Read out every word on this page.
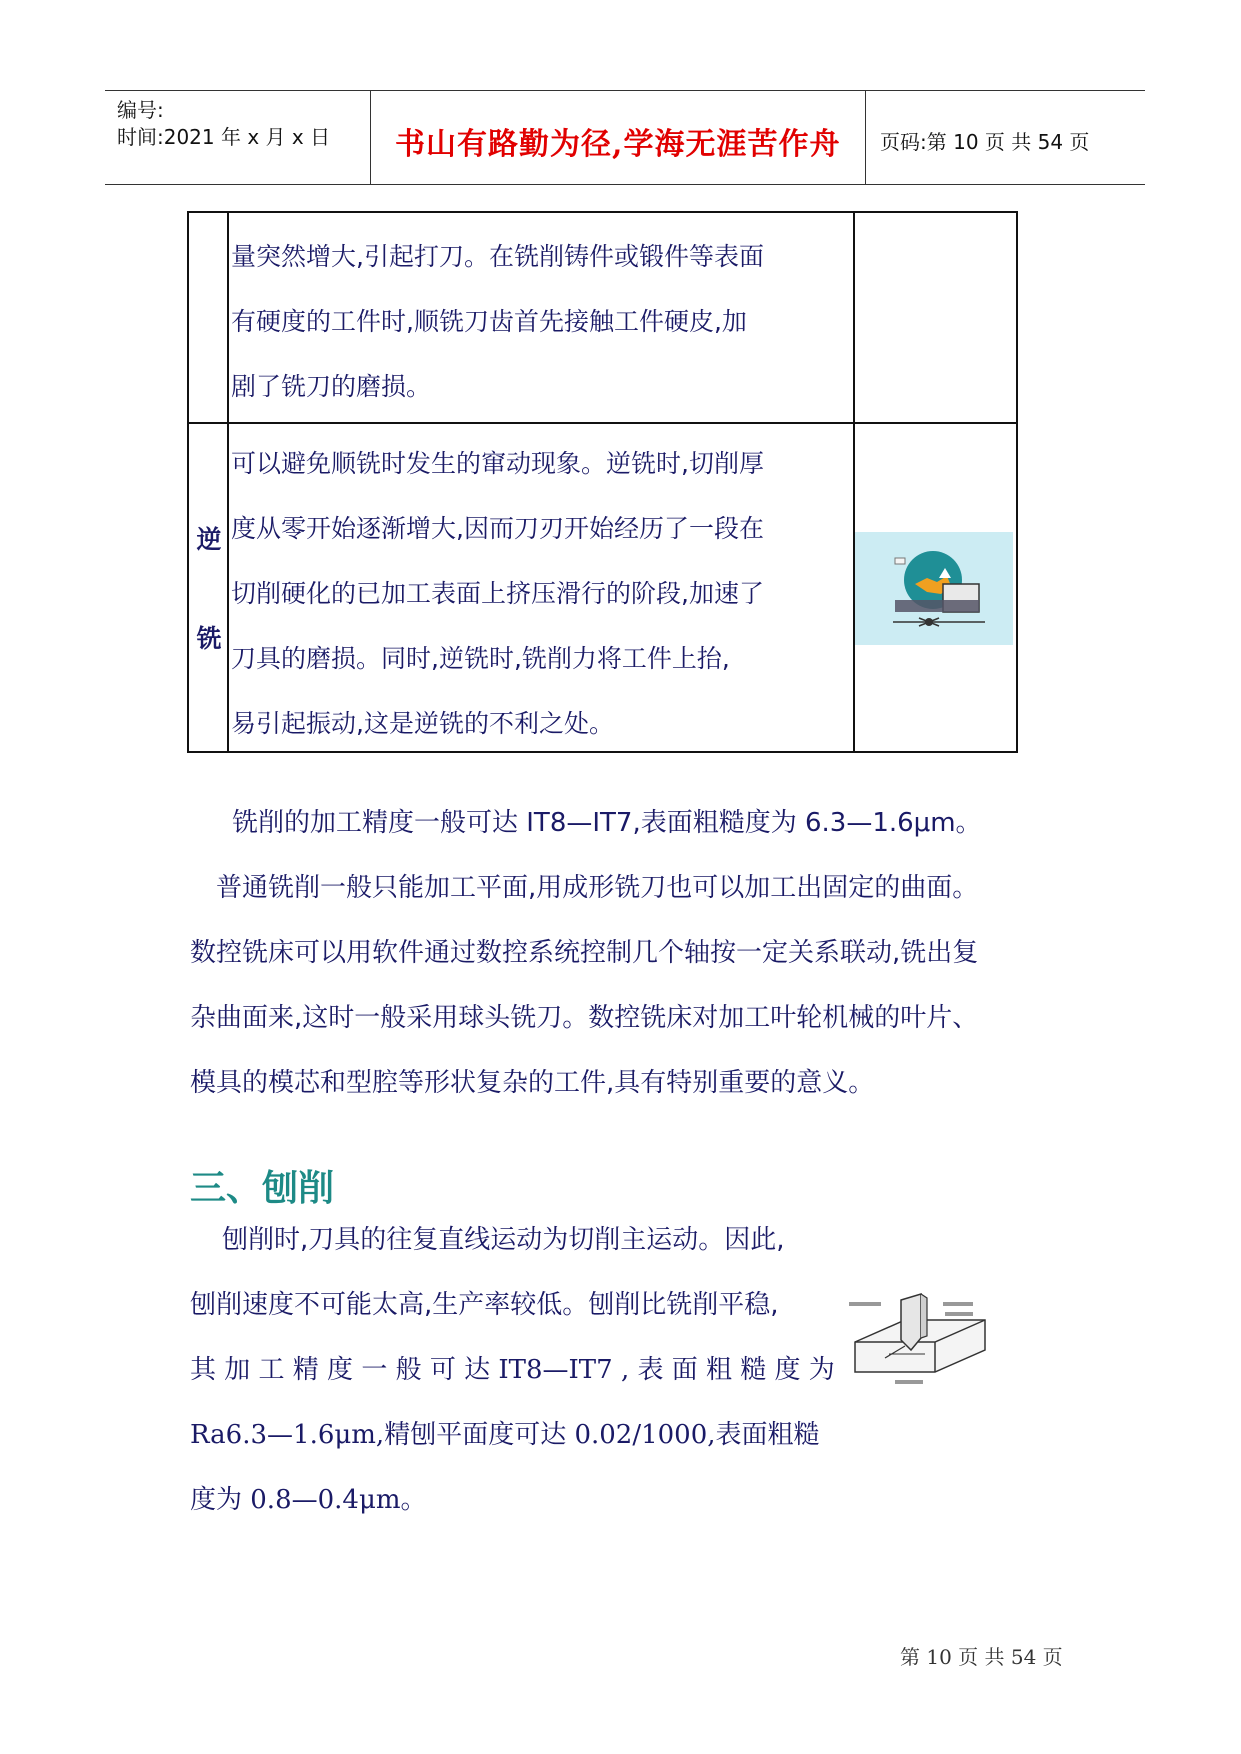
编号:
时间:2021 年 x 月 x 日 书山有路勤为径,学海无涯苦作舟 页码:第 10 页 共 54 页
量突然增大,引起打刀。在铣削铸件或锻件等表面
有硬度的工件时,顺铣刀齿首先接触工件硬皮,加
剧了铣刀的磨损。
逆
铣
可以避免顺铣时发生的窜动现象。逆铣时,切削厚
度从零开始逐渐增大,因而刀刃开始经历了一段在
切削硬化的已加工表面上挤压滑行的阶段,加速了
刀具的磨损。同时,逆铣时,铣削力将工件上抬,
易引起振动,这是逆铣的不利之处。
铣削的加工精度一般可达 IT8—IT7,表面粗糙度为 6.3—1.6μm。
普通铣削一般只能加工平面,用成形铣刀也可以加工出固定的曲面。
数控铣床可以用软件通过数控系统控制几个轴按一定关系联动,铣出复
杂曲面来,这时一般采用球头铣刀。数控铣床对加工叶轮机械的叶片、
模具的模芯和型腔等形状复杂的工件,具有特别重要的意义。
三、刨削
刨削时,刀具的往复直线运动为切削主运动。因此,
刨削速度不可能太高,生产率较低。刨削比铣削平稳,
其 加 工 精 度 一 般 可 达 IT8—IT7 , 表 面 粗 糙 度 为
Ra6.3—1.6μm,精刨平面度可达 0.02/1000,表面粗糙
度为 0.8—0.4μm。
第 10 页 共 54 页
